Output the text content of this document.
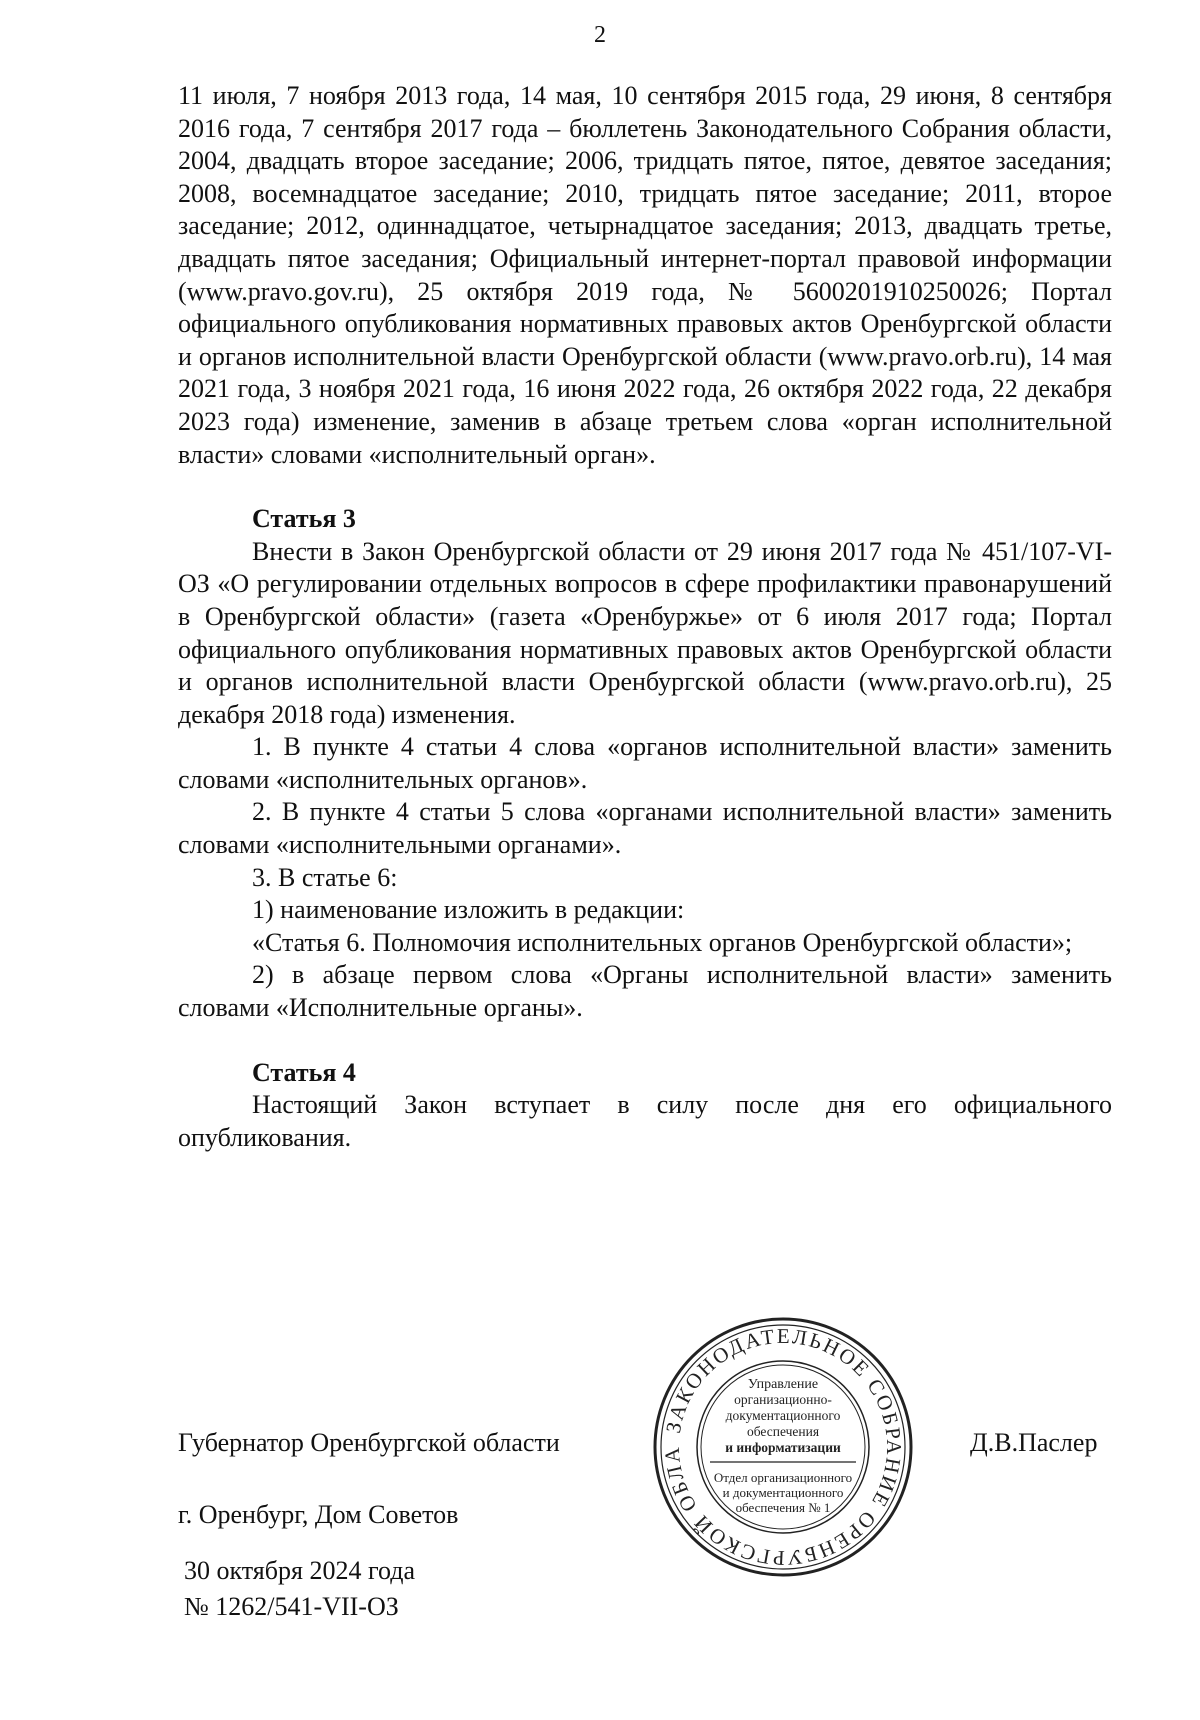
2

11 июля, 7 ноября 2013 года, 14 мая, 10 сентября 2015 года, 29 июня, 8 сентября 2016 года, 7 сентября 2017 года – бюллетень Законодательного Собрания области, 2004, двадцать второе заседание; 2006, тридцать пятое, пятое, девятое заседания; 2008, восемнадцатое заседание; 2010, тридцать пятое заседание; 2011, второе заседание; 2012, одиннадцатое, четырнадцатое заседания; 2013, двадцать третье, двадцать пятое заседания; Официальный интернет-портал правовой информации (www.pravo.gov.ru), 25 октября 2019 года, № 5600201910250026; Портал официального опубликования нормативных правовых актов Оренбургской области и органов исполнительной власти Оренбургской области (www.pravo.orb.ru), 14 мая 2021 года, 3 ноября 2021 года, 16 июня 2022 года, 26 октября 2022 года, 22 декабря 2023 года) изменение, заменив в абзаце третьем слова «орган исполнительной власти» словами «исполнительный орган».

Статья 3

Внести в Закон Оренбургской области от 29 июня 2017 года № 451/107-VI-ОЗ «О регулировании отдельных вопросов в сфере профилактики правонарушений в Оренбургской области» (газета «Оренбуржье» от 6 июля 2017 года; Портал официального опубликования нормативных правовых актов Оренбургской области и органов исполнительной власти Оренбургской области (www.pravo.orb.ru), 25 декабря 2018 года) изменения.

1. В пункте 4 статьи 4 слова «органов исполнительной власти» заменить словами «исполнительных органов».

2. В пункте 4 статьи 5 слова «органами исполнительной власти» заменить словами «исполнительными органами».

3. В статье 6:

1) наименование изложить в редакции:

«Статья 6. Полномочия исполнительных органов Оренбургской области»;

2) в абзаце первом слова «Органы исполнительной власти» заменить словами «Исполнительные органы».

Статья 4

Настоящий Закон вступает в силу после дня его официального опубликования.

Губернатор Оренбургской области	Д.В.Паслер
г. Оренбург, Дом Советов
30 октября 2024 года
№ 1262/541-VII-ОЗ
ЗАКОНОДАТЕЛЬНОЕ СОБРАНИЕ ОРЕНБУРГСКОЙ ОБЛА
Управление
организационно-
документационного
обеспечения
и информатизации
Отдел организационного
и документационного
обеспечения № 1
